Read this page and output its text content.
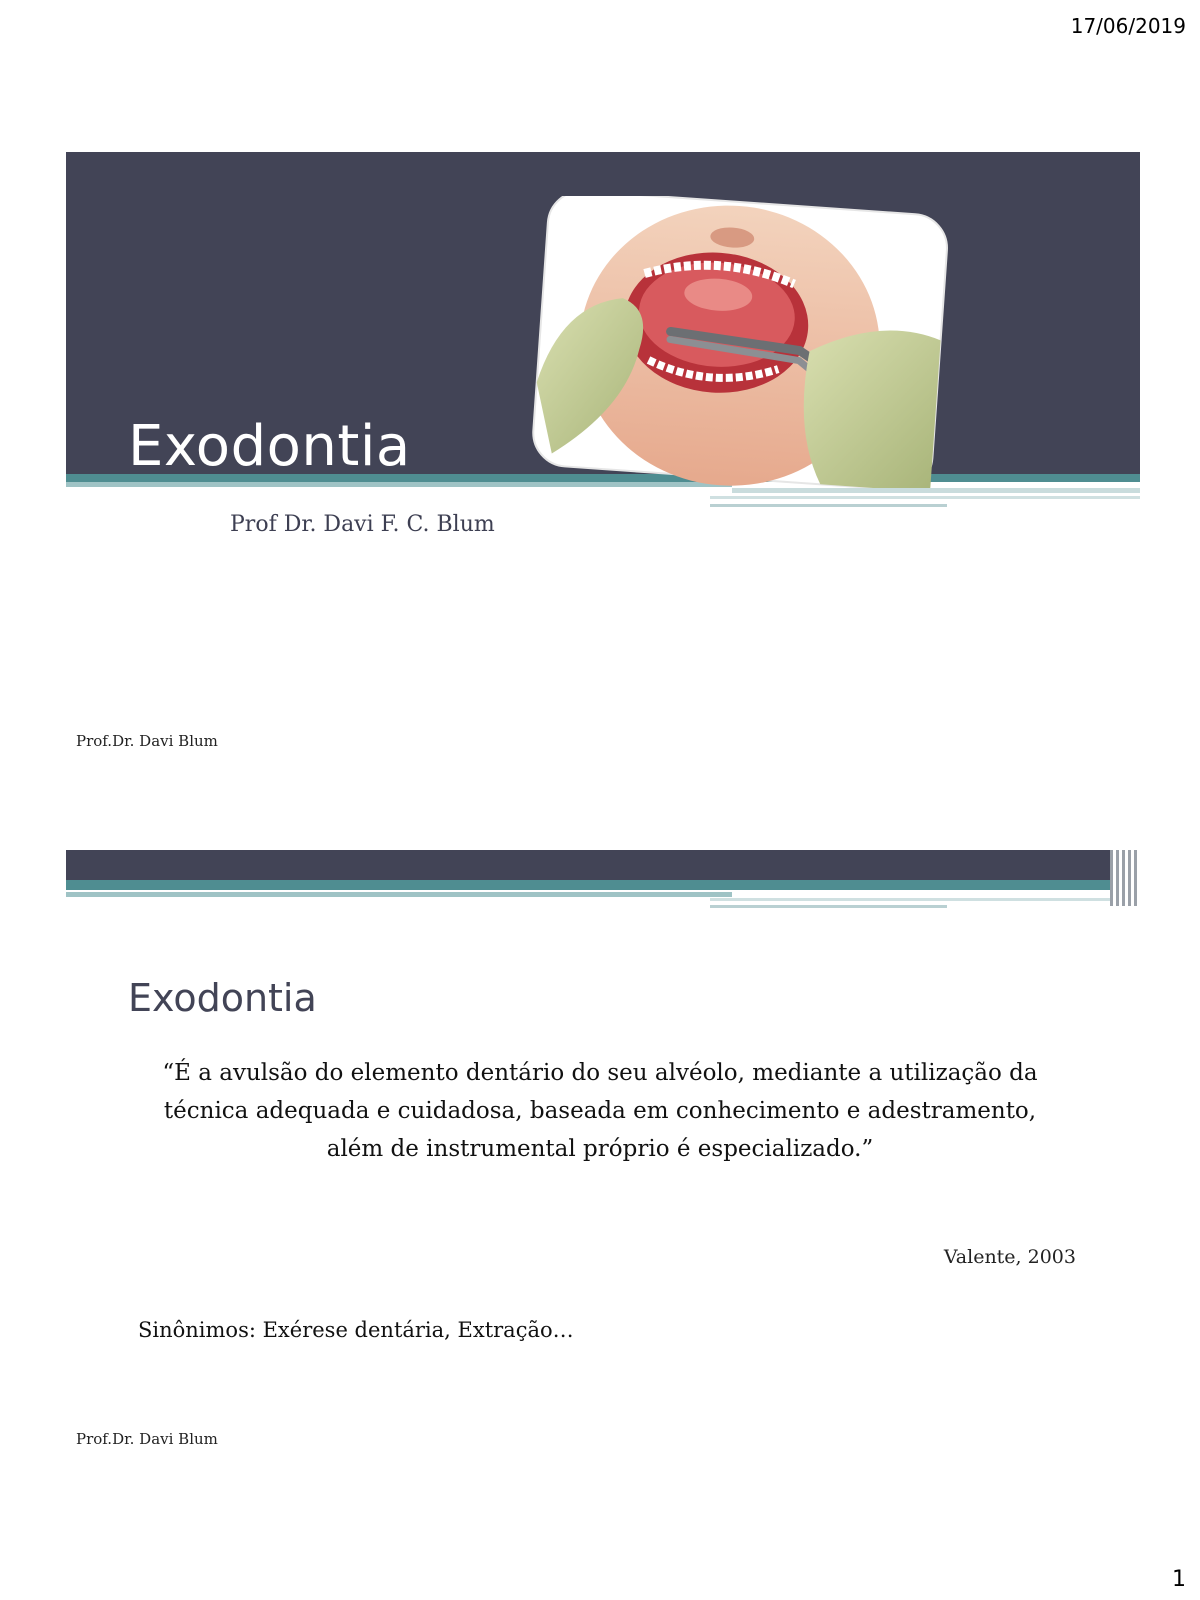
17/06/2019
Exodontia
Prof Dr. Davi F. C. Blum
Prof.Dr. Davi Blum
Exodontia
“É a avulsão do elemento dentário do seu alvéolo, mediante a utilização da técnica adequada e cuidadosa, baseada em conhecimento e adestramento, além de instrumental próprio é especializado.”
Valente, 2003
Sinônimos: Exérese dentária, Extração…
Prof.Dr. Davi Blum
1
